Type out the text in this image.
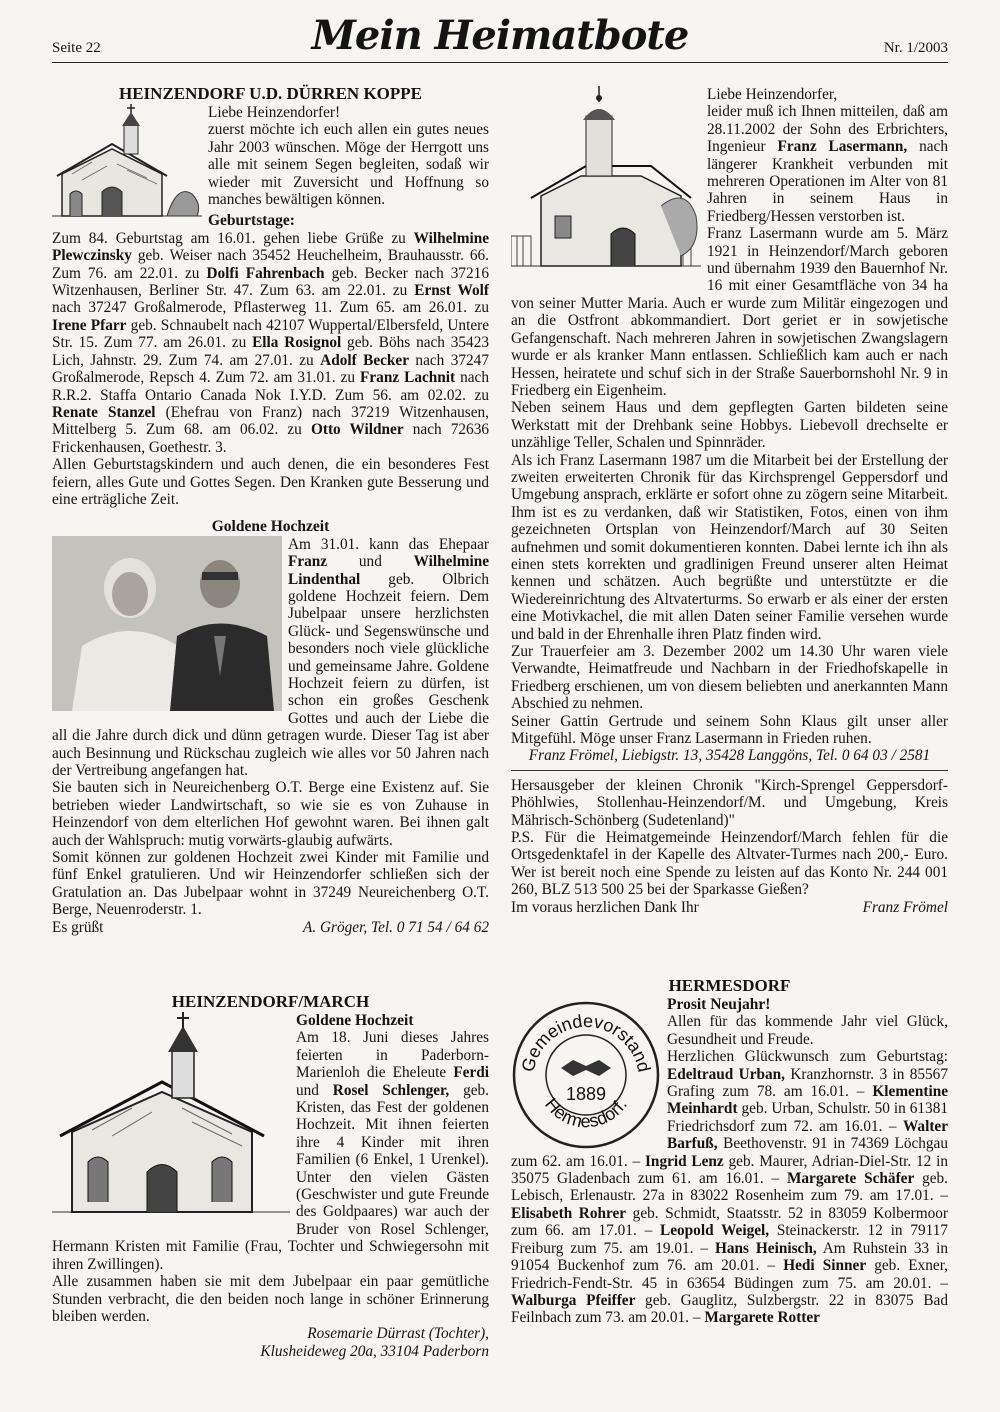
Seite 22	Mein Heimatbote	Nr. 1/2003

HEINZENDORF U.D. DÜRREN KOPPE

Liebe Heinzendorfer!

zuerst möchte ich euch allen ein gutes neues Jahr 2003 wünschen. Möge der Herrgott uns alle mit seinem Segen begleiten, sodaß wir wieder mit Zuversicht und Hoffnung so manches bewältigen können.

Geburtstage:

Zum 84. Geburtstag am 16.01. gehen liebe Grüße zu Wilhelmine Plewczinsky geb. Weiser nach 35452 Heuchelheim, Brauhausstr. 66. Zum 76. am 22.01. zu Dolfi Fahrenbach geb. Becker nach 37216 Witzenhausen, Berliner Str. 47. Zum 63. am 22.01. zu Ernst Wolf nach 37247 Großalmerode, Pflasterweg 11. Zum 65. am 26.01. zu Irene Pfarr geb. Schnaubelt nach 42107 Wuppertal/Elbersfeld, Untere Str. 15. Zum 77. am 26.01. zu Ella Rosignol geb. Böhs nach 35423 Lich, Jahnstr. 29. Zum 74. am 27.01. zu Adolf Becker nach 37247 Großalmerode, Repsch 4. Zum 72. am 31.01. zu Franz Lachnit nach R.R.2. Staffa Ontario Canada Nok I.Y.D. Zum 56. am 02.02. zu Renate Stanzel (Ehefrau von Franz) nach 37219 Witzenhausen, Mittelberg 5. Zum 68. am 06.02. zu Otto Wildner nach 72636 Frickenhausen, Goethestr. 3.

Allen Geburtstagskindern und auch denen, die ein besonderes Fest feiern, alles Gute und Gottes Segen. Den Kranken gute Besserung und eine erträgliche Zeit.

Goldene Hochzeit

Am 31.01. kann das Ehepaar Franz und Wilhelmine Lindenthal geb. Olbrich goldene Hochzeit feiern. Dem Jubelpaar unsere herzlichsten Glück- und Segenswünsche und besonders noch viele glückliche und gemeinsame Jahre. Goldene Hochzeit feiern zu dürfen, ist schon ein großes Geschenk Gottes und auch der Liebe die all die Jahre durch dick und dünn getragen wurde. Dieser Tag ist aber auch Besinnung und Rückschau zugleich wie alles vor 50 Jahren nach der Vertreibung angefangen hat.

Sie bauten sich in Neureichenberg O.T. Berge eine Existenz auf. Sie betrieben wieder Landwirtschaft, so wie sie es von Zuhause in Heinzendorf von dem elterlichen Hof gewohnt waren. Bei ihnen galt auch der Wahlspruch: mutig vorwärts-glaubig aufwärts.

Somit können zur goldenen Hochzeit zwei Kinder mit Familie und fünf Enkel gratulieren. Und wir Heinzendorfer schließen sich der Gratulation an. Das Jubelpaar wohnt in 37249 Neureichenberg O.T. Berge, Neuenroderstr. 1.

Es grüßt	A. Gröger, Tel. 0 71 54 / 64 62

HEINZENDORF/MARCH

Goldene Hochzeit

Am 18. Juni dieses Jahres feierten in Paderborn-Marienloh die Eheleute Ferdi und Rosel Schlenger, geb. Kristen, das Fest der goldenen Hochzeit. Mit ihnen feierten ihre 4 Kinder mit ihren Familien (6 Enkel, 1 Urenkel). Unter den vielen Gästen (Geschwister und gute Freunde des Goldpaares) war auch der Bruder von Rosel Schlenger, Hermann Kristen mit Familie (Frau, Tochter und Schwiegersohn mit ihren Zwillingen).

Alle zusammen haben sie mit dem Jubelpaar ein paar gemütliche Stunden verbracht, die den beiden noch lange in schöner Erinnerung bleiben werden.

Rosemarie Dürrast (Tochter),

Klusheideweg 20a, 33104 Paderborn

Liebe Heinzendorfer,

leider muß ich Ihnen mitteilen, daß am 28.11.2002 der Sohn des Erbrichters, Ingenieur Franz Lasermann, nach längerer Krankheit verbunden mit mehreren Operationen im Alter von 81 Jahren in seinem Haus in Friedberg/Hessen verstorben ist.

Franz Lasermann wurde am 5. März 1921 in Heinzendorf/March geboren und übernahm 1939 den Bauernhof Nr. 16 mit einer Gesamtfläche von 34 ha von seiner Mutter Maria. Auch er wurde zum Militär eingezogen und an die Ostfront abkommandiert. Dort geriet er in sowjetische Gefangenschaft. Nach mehreren Jahren in sowjetischen Zwangslagern wurde er als kranker Mann entlassen. Schließlich kam auch er nach Hessen, heiratete und schuf sich in der Straße Sauerbornshohl Nr. 9 in Friedberg ein Eigenheim.

Neben seinem Haus und dem gepflegten Garten bildeten seine Werkstatt mit der Drehbank seine Hobbys. Liebevoll drechselte er unzählige Teller, Schalen und Spinnräder.

Als ich Franz Lasermann 1987 um die Mitarbeit bei der Erstellung der zweiten erweiterten Chronik für das Kirchsprengel Geppersdorf und Umgebung ansprach, erklärte er sofort ohne zu zögern seine Mitarbeit. Ihm ist es zu verdanken, daß wir Statistiken, Fotos, einen von ihm gezeichneten Ortsplan von Heinzendorf/March auf 30 Seiten aufnehmen und somit dokumentieren konnten. Dabei lernte ich ihn als einen stets korrekten und gradlinigen Freund unserer alten Heimat kennen und schätzen. Auch begrüßte und unterstützte er die Wiedereinrichtung des Altvaterturms. So erwarb er als einer der ersten eine Motivkachel, die mit allen Daten seiner Familie versehen wurde und bald in der Ehrenhalle ihren Platz finden wird.

Zur Trauerfeier am 3. Dezember 2002 um 14.30 Uhr waren viele Verwandte, Heimatfreude und Nachbarn in der Friedhofskapelle in Friedberg erschienen, um von diesem beliebten und anerkannten Mann Abschied zu nehmen.

Seiner Gattin Gertrude und seinem Sohn Klaus gilt unser aller Mitgefühl. Möge unser Franz Lasermann in Frieden ruhen.

Franz Frömel, Liebigstr. 13, 35428 Langgöns, Tel. 0 64 03 / 2581

Hersausgeber der kleinen Chronik "Kirch-Sprengel Geppersdorf-Phöhlwies, Stollenhau-Heinzendorf/M. und Umgebung, Kreis Mährisch-Schönberg (Sudetenland)"

P.S. Für die Heimatgemeinde Heinzendorf/March fehlen für die Ortsgedenktafel in der Kapelle des Altvater-Turmes nach 200,- Euro. Wer ist bereit noch eine Spende zu leisten auf das Konto Nr. 244 001 260, BLZ 513 500 25 bei der Sparkasse Gießen?

Im voraus herzlichen Dank Ihr	Franz Frömel

HERMESDORF

Gemeindevorstand
Hermesdorf.
1889

Prosit Neujahr!

Allen für das kommende Jahr viel Glück, Gesundheit und Freude.

Herzlichen Glückwunsch zum Geburtstag: Edeltraud Urban, Kranzhornstr. 3 in 85567 Grafing zum 78. am 16.01. – Klementine Meinhardt geb. Urban, Schulstr. 50 in 61381 Friedrichsdorf zum 72. am 16.01. – Walter Barfuß, Beethovenstr. 91 in 74369 Löchgau zum 62. am 16.01. – Ingrid Lenz geb. Maurer, Adrian-Diel-Str. 12 in 35075 Gladenbach zum 61. am 16.01. – Margarete Schäfer geb. Lebisch, Erlenaustr. 27a in 83022 Rosenheim zum 79. am 17.01. – Elisabeth Rohrer geb. Schmidt, Staatsstr. 52 in 83059 Kolbermoor zum 66. am 17.01. – Leopold Weigel, Steinackerstr. 12 in 79117 Freiburg zum 75. am 19.01. – Hans Heinisch, Am Ruhstein 33 in 91054 Buckenhof zum 76. am 20.01. – Hedi Sinner geb. Exner, Friedrich-Fendt-Str. 45 in 63654 Büdingen zum 75. am 20.01. – Walburga Pfeiffer geb. Gauglitz, Sulzbergstr. 22 in 83075 Bad Feilnbach zum 73. am 20.01. – Margarete Rotter
